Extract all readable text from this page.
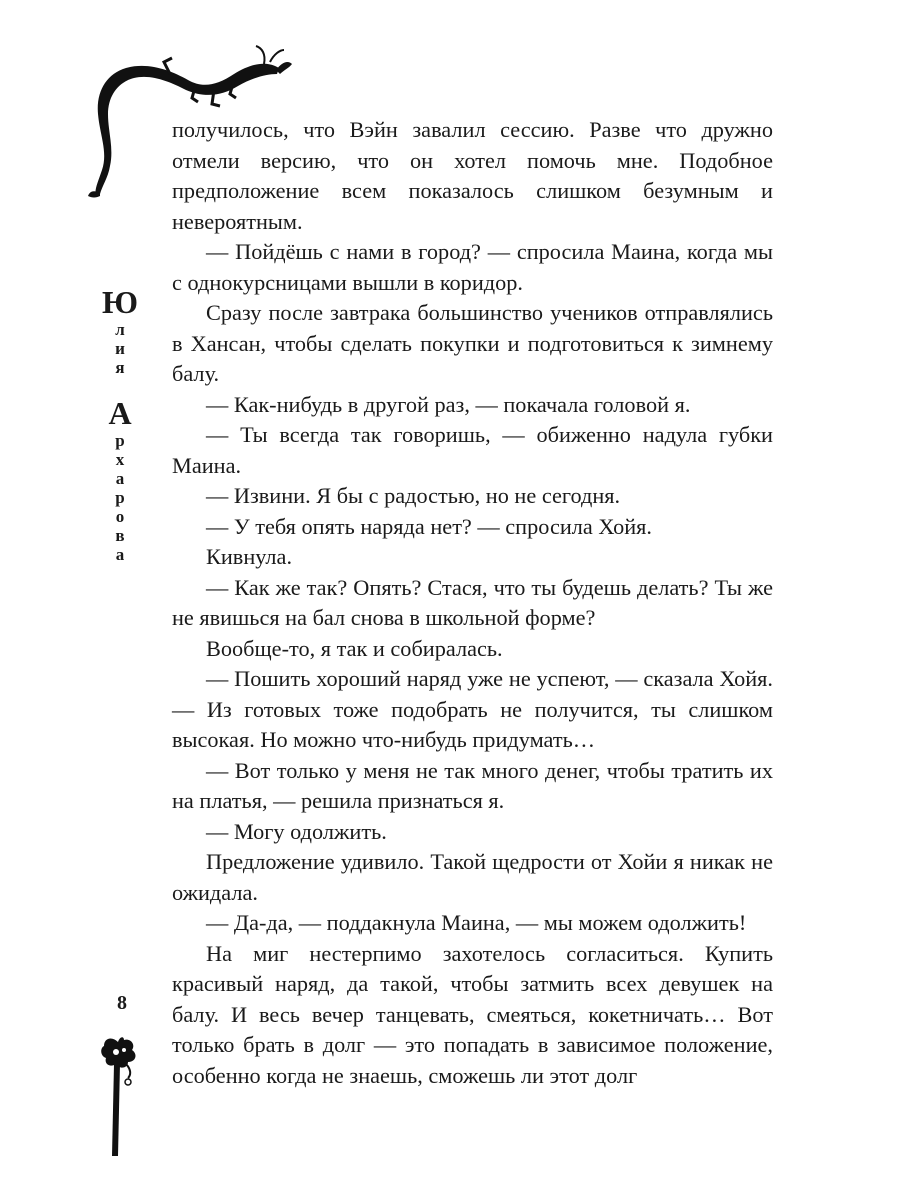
Ю
л
и
я
А
р
х
а
р
о
в
а
8

получилось, что Вэйн завалил сессию. Разве что дружно отмели версию, что он хотел помочь мне. Подобное предположение всем показалось слишком безумным и невероятным.

— Пойдёшь с нами в город? — спросила Маина, когда мы с однокурсницами вышли в коридор.

Сразу после завтрака большинство учеников отправлялись в Хансан, чтобы сделать покупки и подготовиться к зимнему балу.

— Как-нибудь в другой раз, — покачала головой я.

— Ты всегда так говоришь, — обиженно надула губки Маина.

— Извини. Я бы с радостью, но не сегодня.

— У тебя опять наряда нет? — спросила Хойя.

Кивнула.

— Как же так? Опять? Стася, что ты будешь делать? Ты же не явишься на бал снова в школьной форме?

Вообще-то, я так и собиралась.

— Пошить хороший наряд уже не успеют, — сказала Хойя. — Из готовых тоже подобрать не получится, ты слишком высокая. Но можно что-нибудь придумать…

— Вот только у меня не так много денег, чтобы тратить их на платья, — решила признаться я.

— Могу одолжить.

Предложение удивило. Такой щедрости от Хойи я никак не ожидала.

— Да-да, — поддакнула Маина, — мы можем одолжить!

На миг нестерпимо захотелось согласиться. Купить красивый наряд, да такой, чтобы затмить всех девушек на балу. И весь вечер танцевать, смеяться, кокетничать… Вот только брать в долг — это попадать в зависимое положение, особенно когда не знаешь, сможешь ли этот долг
